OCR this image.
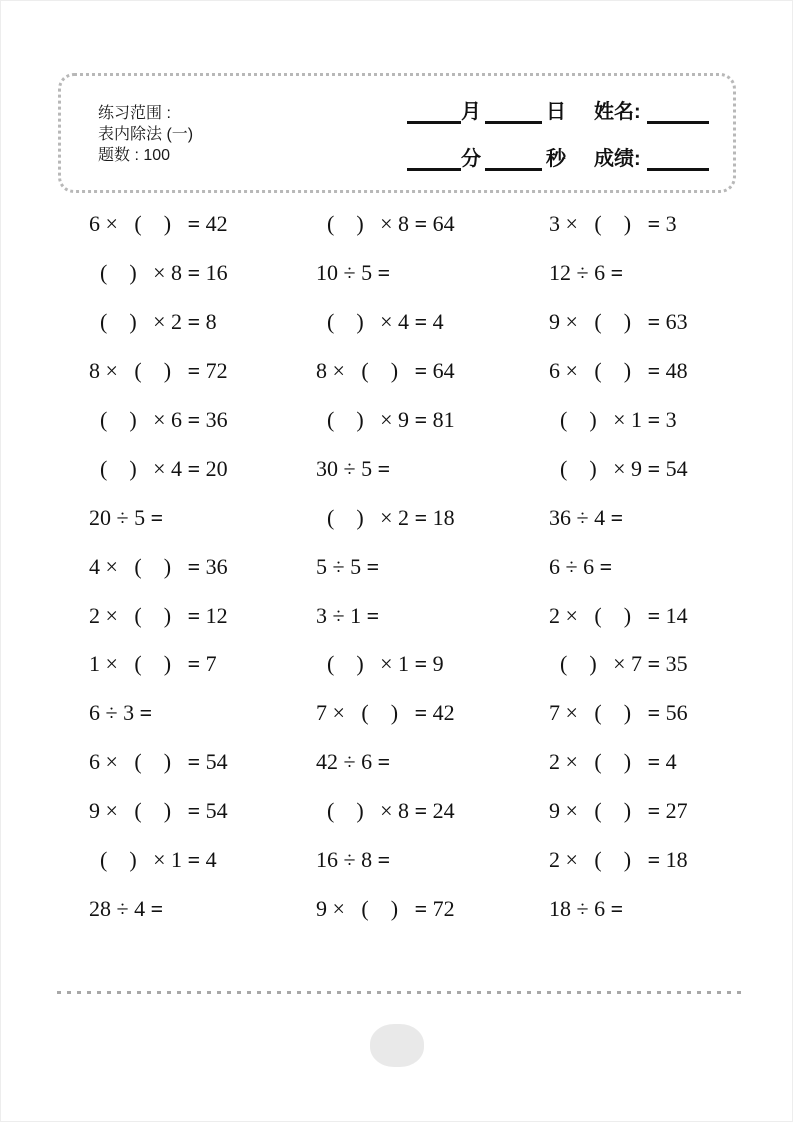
练习范围 :
表内除法 (一)
题数 : 100
月	日 姓名:
分	秒 成绩:
6 ×   (    )   = 42	(    )   × 8 = 64	3 ×   (    )   = 3
(    )   × 8 = 16	10 ÷ 5 =	12 ÷ 6 =
(    )   × 2 = 8	(    )   × 4 = 4	9 ×   (    )   = 63
8 ×   (    )   = 72	8 ×   (    )   = 64	6 ×   (    )   = 48
(    )   × 6 = 36	(    )   × 9 = 81	(    )   × 1 = 3
(    )   × 4 = 20	30 ÷ 5 =	(    )   × 9 = 54
20 ÷ 5 =	(    )   × 2 = 18	36 ÷ 4 =
4 ×   (    )   = 36	5 ÷ 5 =	6 ÷ 6 =
2 ×   (    )   = 12	3 ÷ 1 =	2 ×   (    )   = 14
1 ×   (    )   = 7	(    )   × 1 = 9	(    )   × 7 = 35
6 ÷ 3 =	7 ×   (    )   = 42	7 ×   (    )   = 56
6 ×   (    )   = 54	42 ÷ 6 =	2 ×   (    )   = 4
9 ×   (    )   = 54	(    )   × 8 = 24	9 ×   (    )   = 27
(    )   × 1 = 4	16 ÷ 8 =	2 ×   (    )   = 18
28 ÷ 4 =	9 ×   (    )   = 72	18 ÷ 6 =
